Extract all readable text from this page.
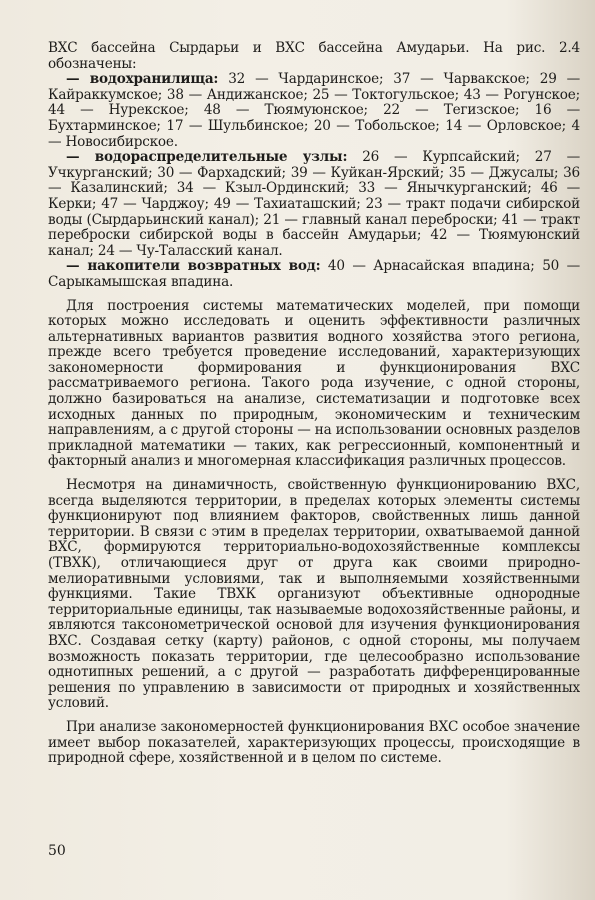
ВХС бассейна Сырдарьи и ВХС бассейна Амударьи. На рис. 2.4 обозначены:

— водохранилища: 32 — Чардаринское; 37 — Чарвакское; 29 — Кайраккумское; 38 — Андижанское; 25 — Токтогульское; 43 — Рогунское; 44 — Нурекское; 48 — Тюямуюнское; 22 — Тегизское; 16 — Бухтарминское; 17 — Шульбинское; 20 — Тобольское; 14 — Орловское; 4 — Новосибирское.

— водораспределительные узлы: 26 — Курпсайский; 27 — Учкурганский; 30 — Фархадский; 39 — Куйкан-Ярский; 35 — Джусалы; 36 — Казалинский; 34 — Кзыл-Ординский; 33 — Янычкурганский; 46 — Керки; 47 — Чарджоу; 49 — Тахиаташский; 23 — тракт подачи сибирской воды (Сырдарьинский канал); 21 — главный канал переброски; 41 — тракт переброски сибирской воды в бассейн Амударьи; 42 — Тюямуюнский канал; 24 — Чу-Таласский канал.

— накопители возвратных вод: 40 — Арнасайская впадина; 50 — Сарыкамышская впадина.

Для построения системы математических моделей, при помощи которых можно исследовать и оценить эффективности различных альтернативных вариантов развития водного хозяйства этого региона, прежде всего требуется проведение исследований, характеризующих закономерности формирования и функционирования ВХС рассматриваемого региона. Такого рода изучение, с одной стороны, должно базироваться на анализе, систематизации и подготовке всех исходных данных по природным, экономическим и техническим направлениям, а с другой стороны — на использовании основных разделов прикладной математики — таких, как регрессионный, компонентный и факторный анализ и многомерная классификация различных процессов.

Несмотря на динамичность, свойственную функционированию ВХС, всегда выделяются территории, в пределах которых элементы системы функционируют под влиянием факторов, свойственных лишь данной территории. В связи с этим в пределах территории, охватываемой данной ВХС, формируются территориально-водохозяйственные комплексы (ТВХК), отличающиеся друг от друга как своими природно-мелиоративными условиями, так и выполняемыми хозяйственными функциями. Такие ТВХК организуют объективные однородные территориальные единицы, так называемые водохозяйственные районы, и являются таксонометрической основой для изучения функционирования ВХС. Создавая сетку (карту) районов, с одной стороны, мы получаем возможность показать территории, где целесообразно использование однотипных решений, а с другой — разработать дифференцированные решения по управлению в зависимости от природных и хозяйственных условий.

При анализе закономерностей функционирования ВХС особое значение имеет выбор показателей, характеризующих процессы, происходящие в природной сфере, хозяйственной и в целом по системе.

50
